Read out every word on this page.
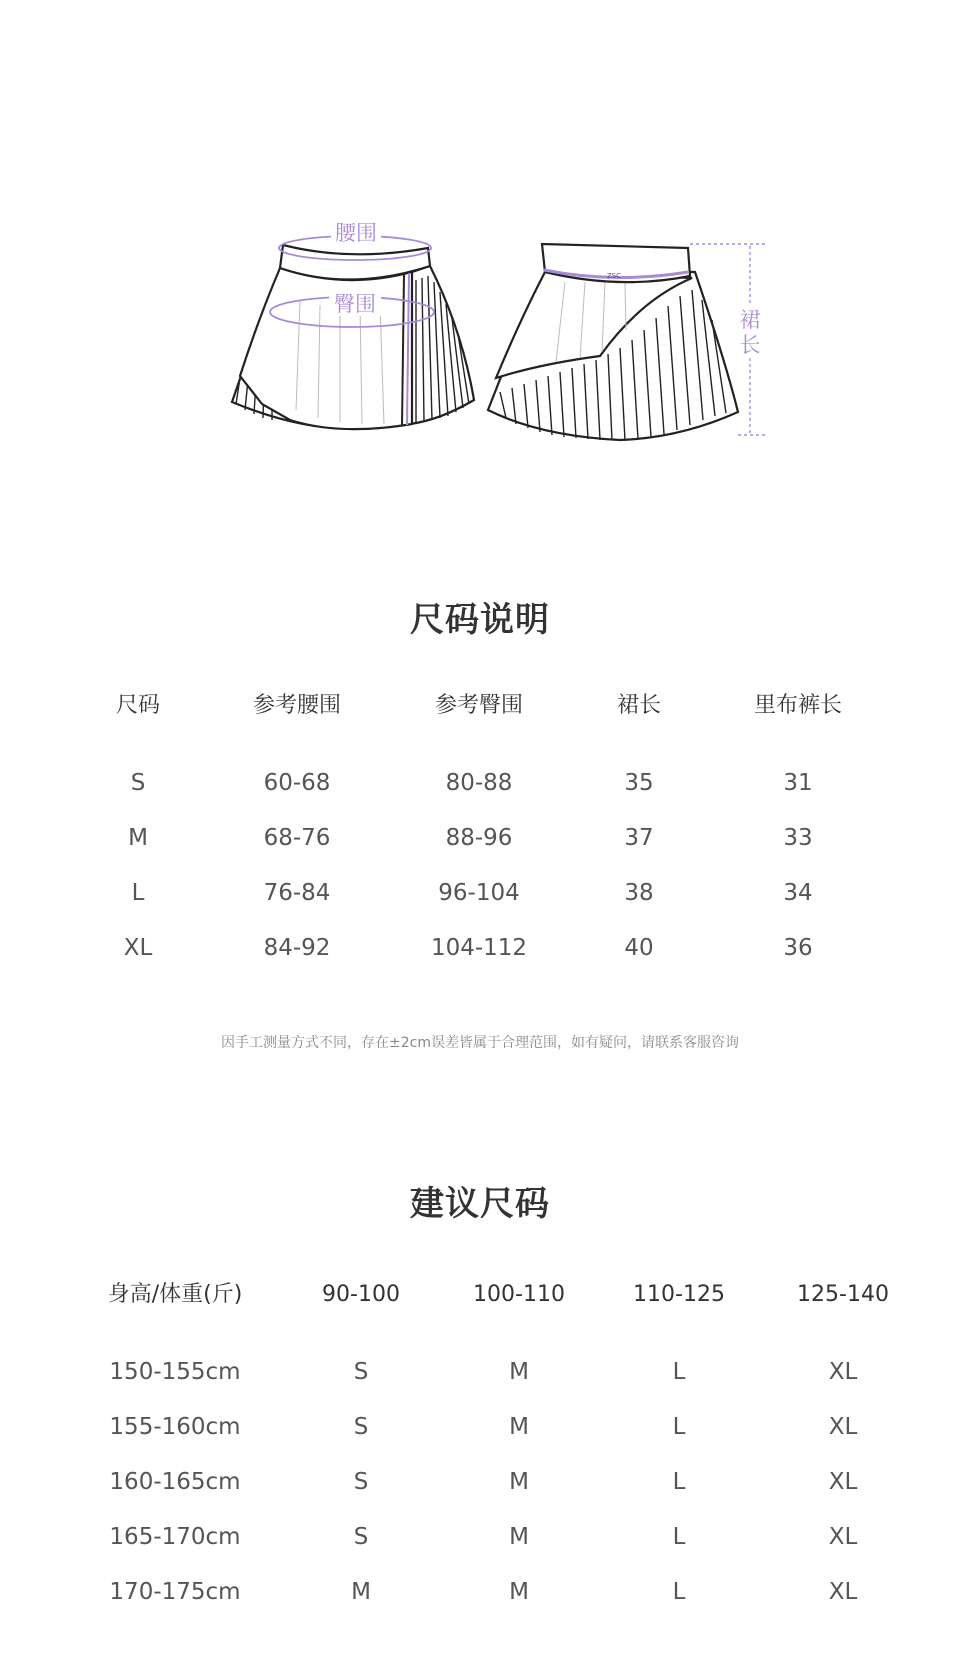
腰围
臀围
ZSC
裙
长
尺码说明
尺码	参考腰围	参考臀围	裙长	里布裤长
S	60-68	80-88	35	31
M	68-76	88-96	37	33
L	76-84	96-104	38	34
XL	84-92	104-112	40	36
因手工测量方式不同，存在±2cm误差皆属于合理范围，如有疑问，请联系客服咨询
建议尺码
身高/体重(斤)	90-100	100-110	110-125	125-140
150-155cm	S	M	L	XL
155-160cm	S	M	L	XL
160-165cm	S	M	L	XL
165-170cm	S	M	L	XL
170-175cm	M	M	L	XL
